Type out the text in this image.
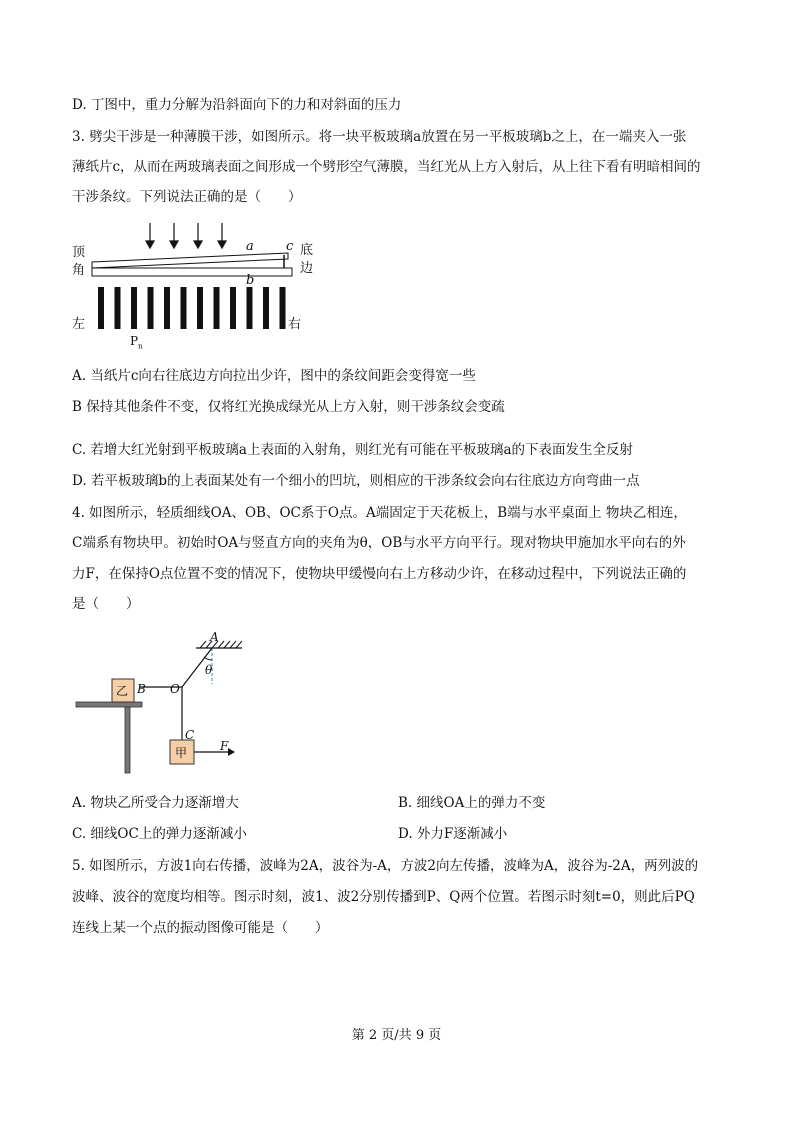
D. 丁图中，重力分解为沿斜面向下的力和对斜面的压力
3. 劈尖干涉是一种薄膜干涉，如图所示。将一块平板玻璃a放置在另一平板玻璃b之上，在一端夹入一张
薄纸片c，从而在两玻璃表面之间形成一个劈形空气薄膜，当红光从上方入射后，从上往下看有明暗相间的
干涉条纹。下列说法正确的是（　　）
顶
角
a c 底
边
b
左	右
$P_n$
A. 当纸片c向右往底边方向拉出少许，图中的条纹间距会变得宽一些
B 保持其他条件不变，仅将红光换成绿光从上方入射，则干涉条纹会变疏
C. 若增大红光射到平板玻璃a上表面的入射角，则红光有可能在平板玻璃a的下表面发生全反射
D. 若平板玻璃b的上表面某处有一个细小的凹坑，则相应的干涉条纹会向右往底边方向弯曲一点
4. 如图所示，轻质细线OA、OB、OC系于O点。A端固定于天花板上，B端与水平桌面上 物块乙相连，
C端系有物块甲。初始时OA与竖直方向的夹角为θ，OB与水平方向平行。现对物块甲施加水平向右的外
力F，在保持O点位置不变的情况下，使物块甲缓慢向右上方移动少许，在移动过程中，下列说法正确的
是（　　）
A
θ
B O
C
F
乙
甲
A. 物块乙所受合力逐渐增大	B. 细线OA上的弹力不变
C. 细线OC上的弹力逐渐减小	D. 外力F逐渐减小
5. 如图所示，方波1向右传播，波峰为2A，波谷为-A，方波2向左传播，波峰为A，波谷为-2A，两列波的
波峰、波谷的宽度均相等。图示时刻，波1、波2分别传播到P、Q两个位置。若图示时刻t=0，则此后PQ
连线上某一个点的振动图像可能是（　　）
第 2 页/共 9 页
